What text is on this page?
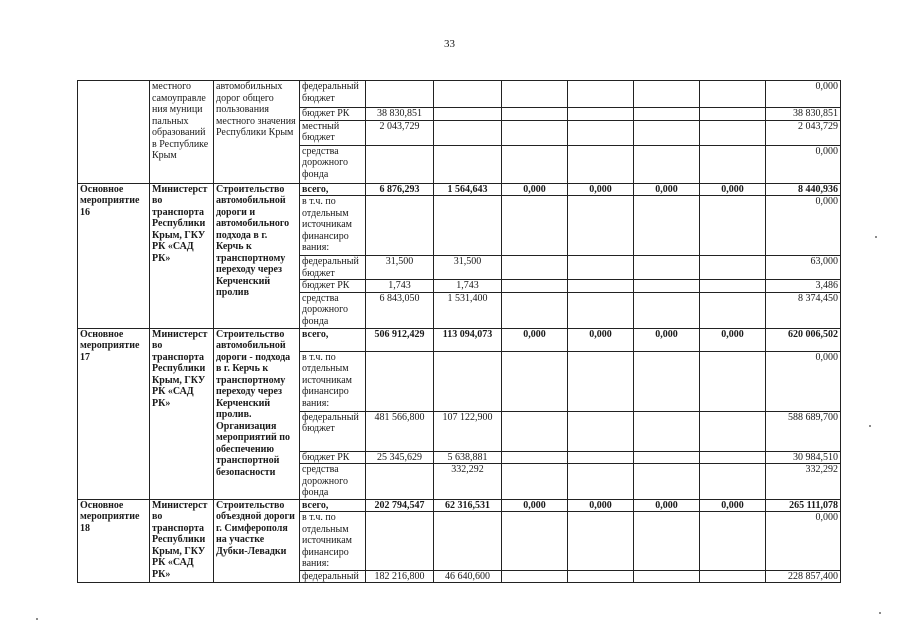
33
	местного самоуправле ния муници пальных образований в Республике Крым	автомобильных дорог общего пользования местного значения Республики Крым	федеральный бюджет							0,000
			бюджет РК	38 830,851						38 830,851
			местный бюджет	2 043,729						2 043,729
			средства дорожного фонда							0,000
Основное мероприятие 16	Министерст во транспорта Республики Крым, ГКУ РК «САД РК»	Строительство автомобильной дороги и автомобильного подхода в г. Керчь к транспортному переходу через Керченский пролив	всего,	6 876,293	1 564,643	0,000	0,000	0,000	0,000	8 440,936
			в т.ч. по отдельным источникам финансиро вания:							0,000
			федеральный бюджет	31,500	31,500					63,000
			бюджет РК	1,743	1,743					3,486
			средства дорожного фонда	6 843,050	1 531,400					8 374,450
Основное мероприятие 17	Министерст во транспорта Республики Крым, ГКУ РК «САД РК»	Строительство автомобильной дороги - подхода в г. Керчь к транспортному переходу через Керченский пролив. Организация мероприятий по обеспечению транспортной безопасности	всего,	506 912,429	113 094,073	0,000	0,000	0,000	0,000	620 006,502
			в т.ч. по отдельным источникам финансиро вания:							0,000
			федеральный бюджет	481 566,800	107 122,900					588 689,700
			бюджет РК	25 345,629	5 638,881					30 984,510
			средства дорожного фонда		332,292					332,292
Основное мероприятие 18	Министерст во транспорта Республики Крым, ГКУ РК «САД РК»	Строительство объездной дороги г. Симферополя на участке Дубки-Левадки	всего,	202 794,547	62 316,531	0,000	0,000	0,000	0,000	265 111,078
			в т.ч. по отдельным источникам финансиро вания:							0,000
			федеральный	182 216,800	46 640,600					228 857,400
